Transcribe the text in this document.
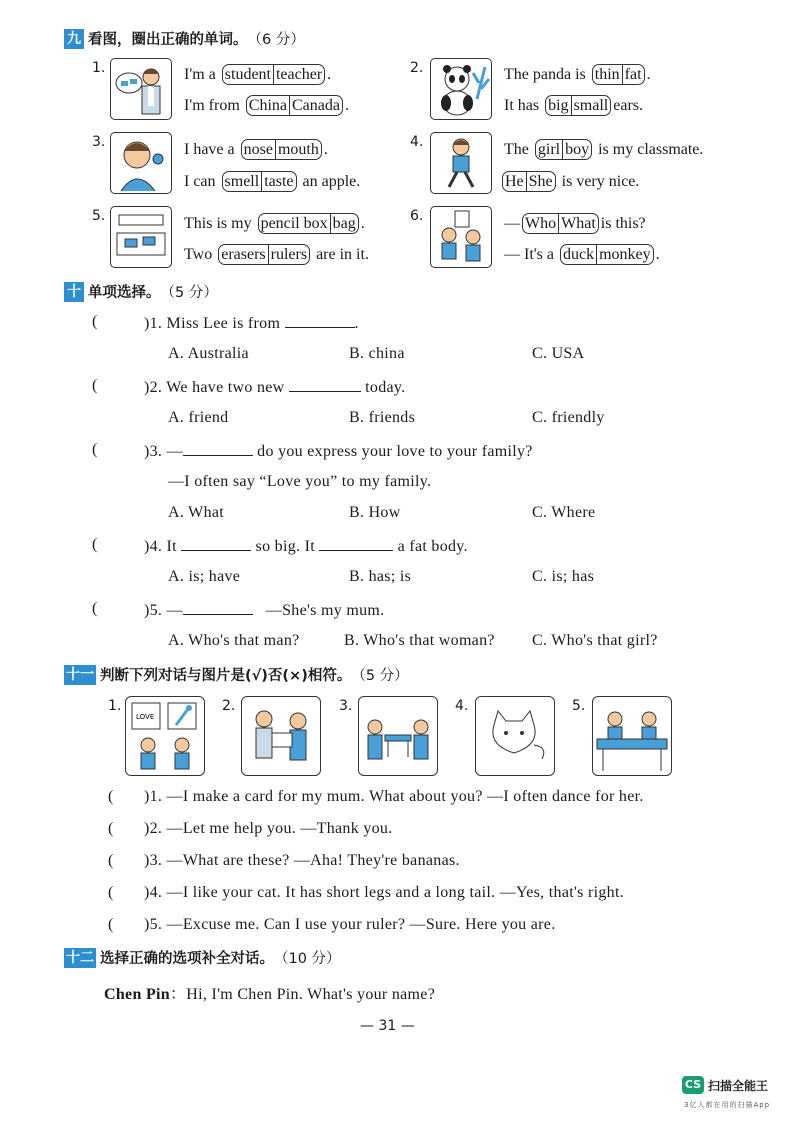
九 看图，圈出正确的单词。 （6 分）
1.	I'm a
student teacher .
I'm from
China Canada .
2.	The panda is
thin fat .
It has
big small ears.
3.	I have a
nose mouth .
I can
smell taste
an apple.
4.	The
girl boy
is my classmate.
He She
is very nice.
5.	This is my
pencil box bag .
Two
erasers rulers
are in it.
6.	— Who What is this?
— It's a
duck monkey .
十 单项选择。 （5 分）
(	)1. Miss Lee is from	.
A. Australia	B. china	C. USA
(	)2. We have two new	today.
A. friend	B. friends	C. friendly
(	)3. —	do you express your love to your family?
—I often say “Love you” to my family.
A. What	B. How	C. Where
(	)4. It	so big. It	a fat body.
A. is; have	B. has; is	C. is; has
(	)5. —	—She's my mum.
A. Who's that man?	B. Who's that woman? C. Who's that girl?
十一 判断下列对话与图片是(√)否(×)相符。 （5 分）
1.
LOVE
2.	3.	4.	5.
( )1. —I make a card for my mum. What about you? —I often dance for her.
( )2. —Let me help you. —Thank you.
( )3. —What are these? —Aha! They're bananas.
( )4. —I like your cat. It has short legs and a long tail. —Yes, that's right.
( )5. —Excuse me. Can I use your ruler? —Sure. Here you are.
十二 选择正确的选项补全对话。 （10 分）
Chen Pin：Hi, I'm Chen Pin. What's your name?
— 31 —
CS 扫描全能王
3亿人都在用的扫描App
